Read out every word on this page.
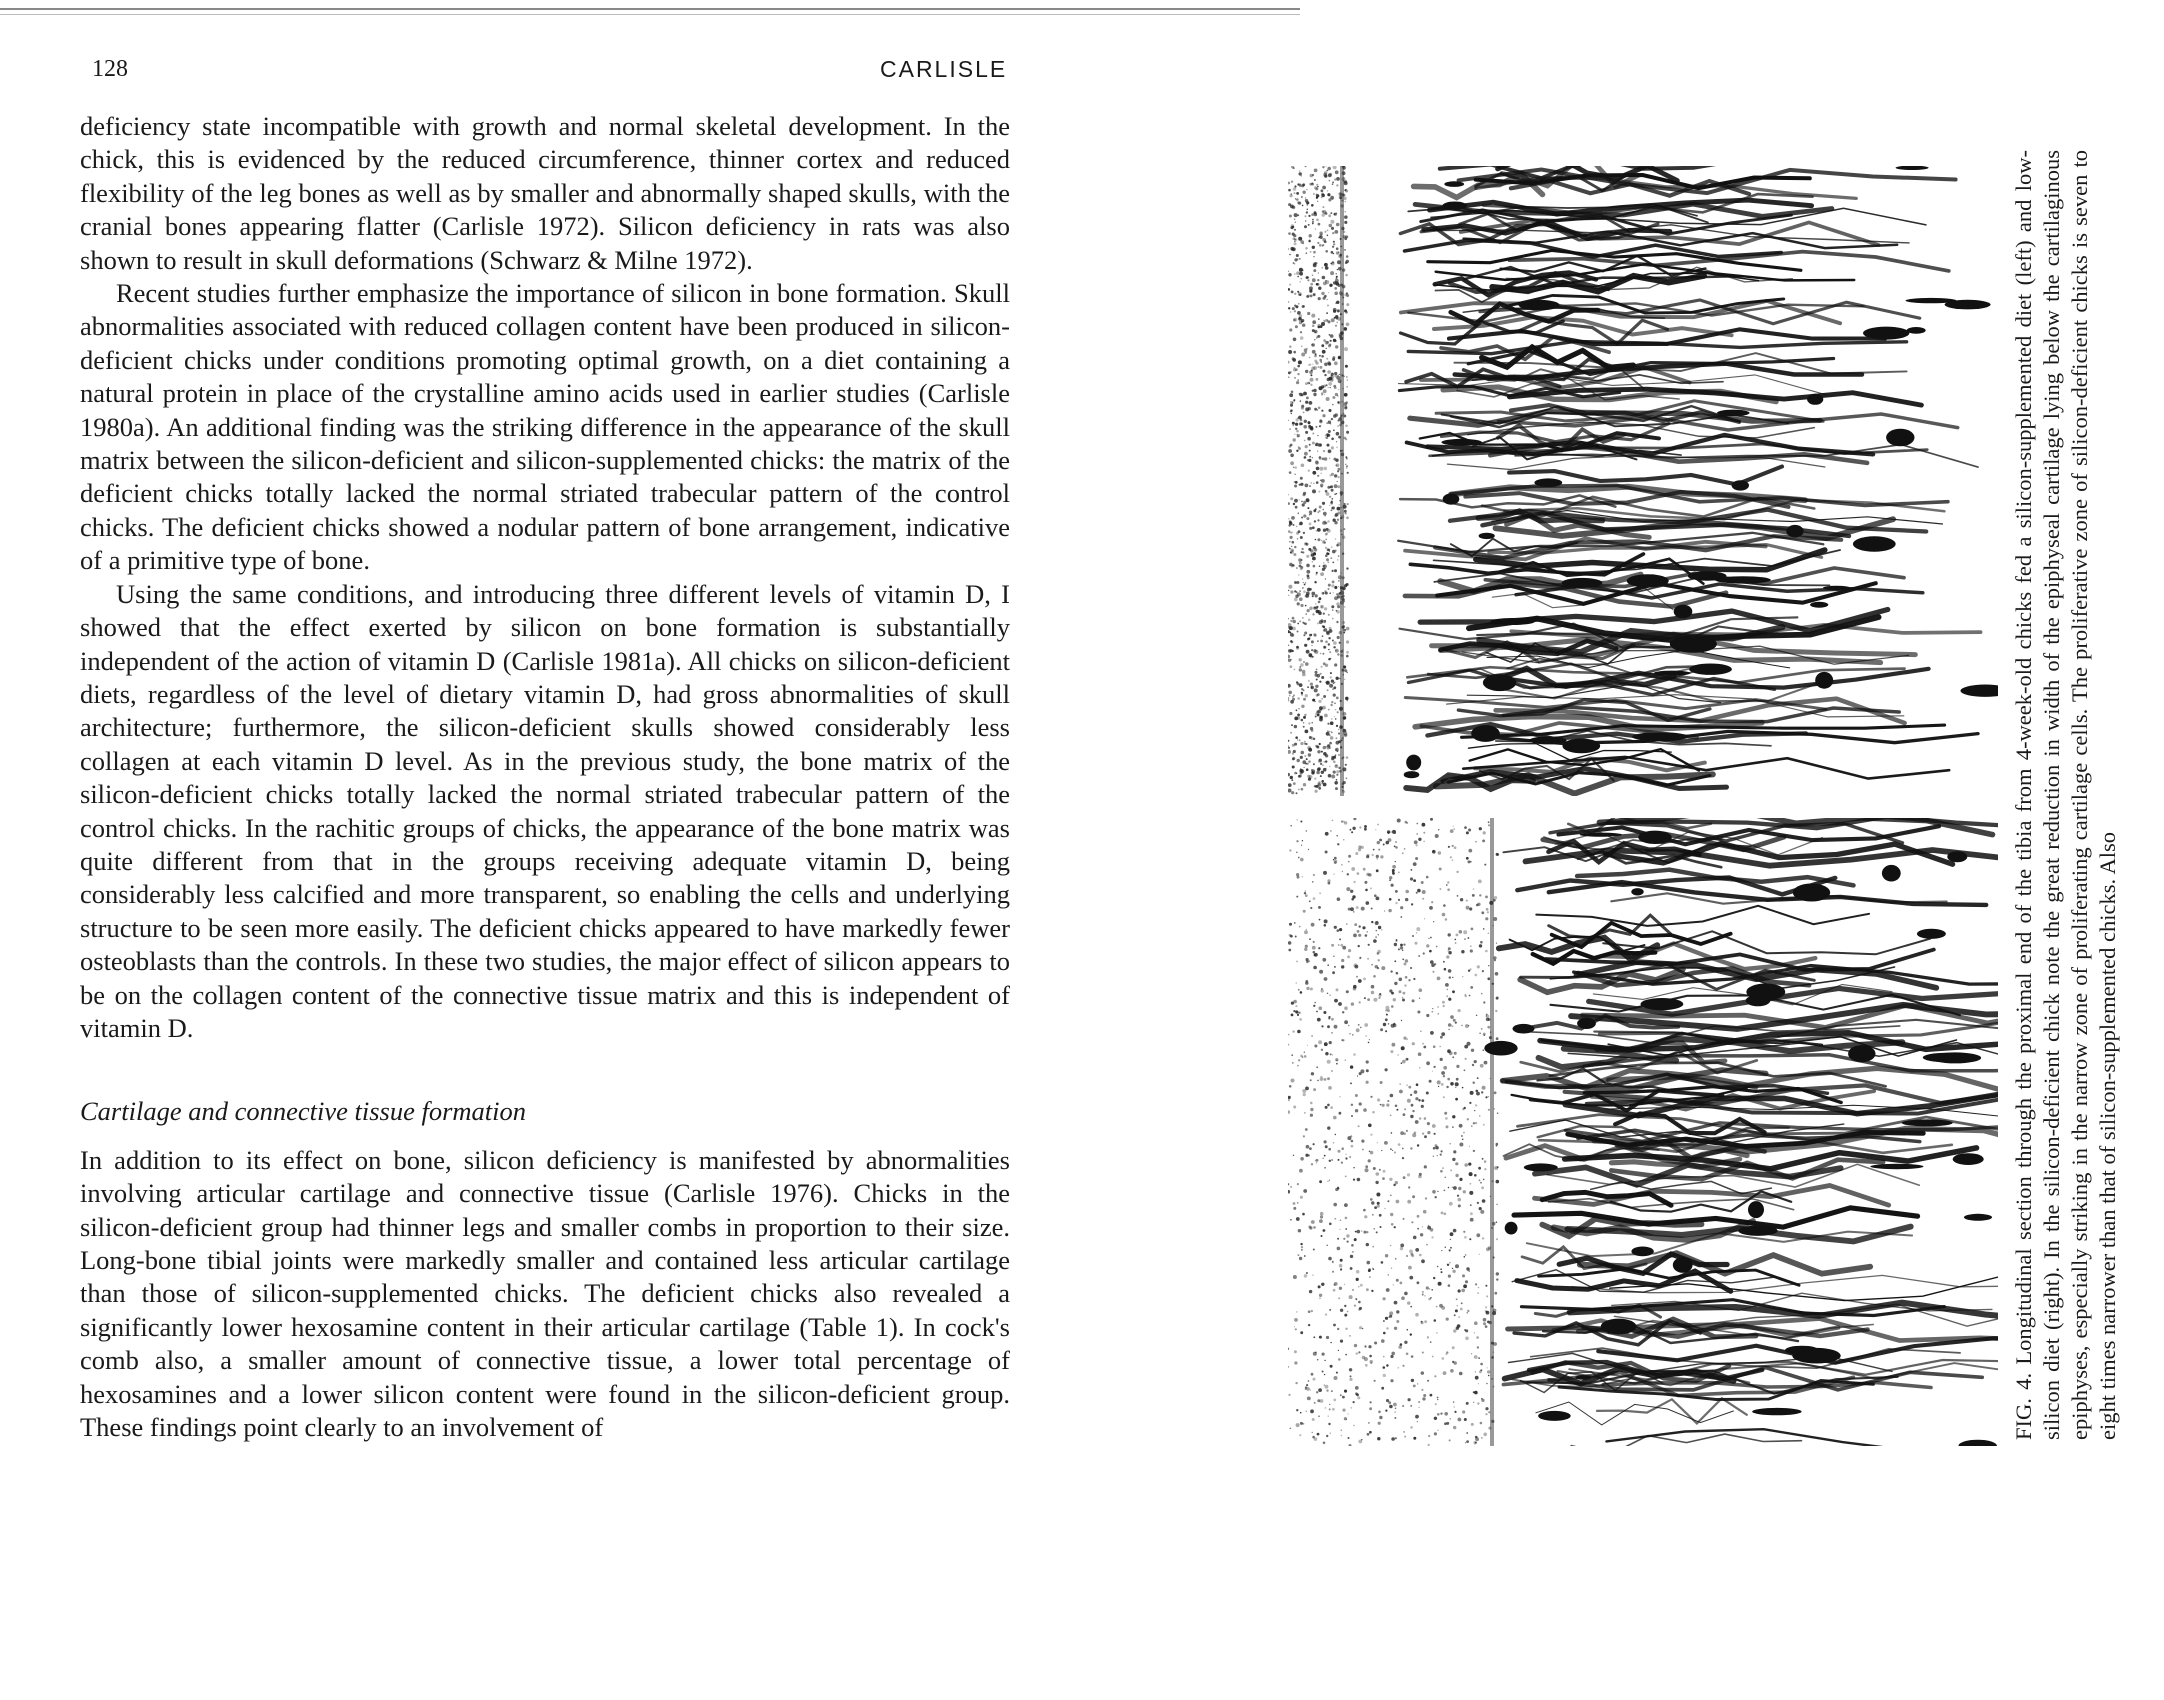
128	CARLISLE

deficiency state incompatible with growth and normal skeletal development. In the chick, this is evidenced by the reduced circumference, thinner cortex and reduced flexibility of the leg bones as well as by smaller and abnormally shaped skulls, with the cranial bones appearing flatter (Carlisle 1972). Silicon deficiency in rats was also shown to result in skull deformations (Schwarz & Milne 1972).

Recent studies further emphasize the importance of silicon in bone formation. Skull abnormalities associated with reduced collagen content have been produced in silicon-deficient chicks under conditions promoting optimal growth, on a diet containing a natural protein in place of the crystalline amino acids used in earlier studies (Carlisle 1980a). An additional finding was the striking difference in the appearance of the skull matrix between the silicon-deficient and silicon-supplemented chicks: the matrix of the deficient chicks totally lacked the normal striated trabecular pattern of the control chicks. The deficient chicks showed a nodular pattern of bone arrangement, indicative of a primitive type of bone.

Using the same conditions, and introducing three different levels of vitamin D, I showed that the effect exerted by silicon on bone formation is substantially independent of the action of vitamin D (Carlisle 1981a). All chicks on silicon-deficient diets, regardless of the level of dietary vitamin D, had gross abnormalities of skull architecture; furthermore, the silicon-deficient skulls showed considerably less collagen at each vitamin D level. As in the previous study, the bone matrix of the silicon-deficient chicks totally lacked the normal striated trabecular pattern of the control chicks. In the rachitic groups of chicks, the appearance of the bone matrix was quite different from that in the groups receiving adequate vitamin D, being considerably less calcified and more transparent, so enabling the cells and underlying structure to be seen more easily. The deficient chicks appeared to have markedly fewer osteoblasts than the controls. In these two studies, the major effect of silicon appears to be on the collagen content of the connective tissue matrix and this is independent of vitamin D.

Cartilage and connective tissue formation

In addition to its effect on bone, silicon deficiency is manifested by abnormalities involving articular cartilage and connective tissue (Carlisle 1976). Chicks in the silicon-deficient group had thinner legs and smaller combs in proportion to their size. Long-bone tibial joints were markedly smaller and contained less articular cartilage than those of silicon-supplemented chicks. The deficient chicks also revealed a significantly lower hexosamine content in their articular cartilage (Table 1). In cock's comb also, a smaller amount of connective tissue, a lower total percentage of hexosamines and a lower silicon content were found in the silicon-deficient group. These findings point clearly to an involvement of	FIG. 4. Longitudinal section through the proximal end of the tibia from 4-week-old chicks fed a silicon-supplemented diet (left) and low-silicon diet (right). In the silicon-deficient chick note the great reduction in width of the epiphyseal cartilage lying below the cartilaginous epiphyses, especially striking in the narrow zone of proliferating cartilage cells. The proliferative zone of silicon-deficient chicks is seven to eight times narrower than that of silicon-supplemented chicks. Also
